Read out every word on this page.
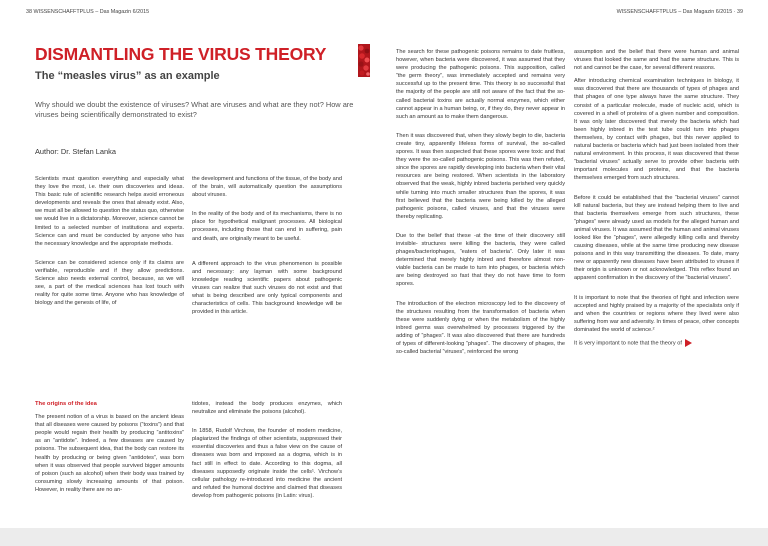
38 WISSENSCHAFFTPLUS – Das Magazin 6/2015
DISMANTLING THE VIRUS THEORY
The “measles virus” as an example

Why should we doubt the existence of viruses? What are viruses and what are they not? How are viruses being scientifically demonstrated to exist?

Author: Dr. Stefan Lanka

Scientists must question everything and especially what they love the most, i.e. their own discoveries and ideas. This basic rule of scientific research helps avoid erroneous developments and reveals the ones that already exist. Also, we must all be allowed to question the status quo, otherwise we would live in a dictatorship. Moreover, science cannot be limited to a selected number of institutions and experts. Science can and must be conducted by anyone who has the necessary knowledge and the appropriate methods.

Science can be considered science only if its claims are verifiable, reproducible and if they allow predictions. Science also needs external control, because, as we will see, a part of the medical sciences has lost touch with reality for quite some time. Anyone who has knowledge of biology and the genesis of life, of

the development and functions of the tissue, of the body and of the brain, will automatically question the assumptions about viruses.

In the reality of the body and of its mechanisms, there is no place for hypothetical malignant processes. All biological processes, including those that can end in suffering, pain and death, are originally meant to be useful.

A different approach to the virus phenomenon is possible and necessary: any layman with some background knowledge reading scientific papers about pathogenic viruses can realize that such viruses do not exist and that what is being described are only typical components and characteristics of cells. This background knowledge will be provided in this article.

The origins of the idea

The present notion of a virus is based on the ancient ideas that all diseases were caused by poisons (“toxins”) and that people would regain their health by producing “antitoxins” as an “antidote”. Indeed, a few diseases are caused by poisons. The subsequent idea, that the body can restore its health by producing or being given “antidotes”, was born when it was observed that people survived bigger amounts of poison (such as alcohol) when their body was trained by consuming slowly increasing amounts of that poison. However, in reality there are no an-

tidotes, instead the body produces enzymes, which neutralize and eliminate the poisons (alcohol).

In 1858, Rudolf Virchow, the founder of modern medicine, plagiarized the findings of other scientists, suppressed their essential discoveries and thus a false view on the cause of diseases was born and imposed as a dogma, which is in fact still in effect to date. According to this dogma, all diseases supposedly originate inside the cells¹. Virchow’s cellular pathology re-introduced into medicine the ancient and refuted the humoral doctrine and claimed that diseases develop from pathogenic poisons (in Latin: virus).

WISSENSCHAFFTPLUS – Das Magazin 6/2015 · 39

The search for these pathogenic poisons remains to date fruitless, however, when bacteria were discovered, it was assumed that they were producing the pathogenic poisons. This supposition, called “the germ theory”, was immediately accepted and remains very successful up to the present time. This theory is so successful that the majority of the people are still not aware of the fact that the so-called bacterial toxins are actually normal enzymes, which either cannot appear in a human being, or, if they do, they never appear in such an amount as to make them dangerous.

Then it was discovered that, when they slowly begin to die, bacteria create tiny, apparently lifeless forms of survival, the so-called spores. It was then suspected that these spores were toxic and that they were the so-called pathogenic poisons. This was then refuted, since the spores are rapidly developing into bacteria when their vital resources are being restored. When scientists in the laboratory observed that the weak, highly inbred bacteria perished very quickly while turning into much smaller structures than the spores, it was first believed that the bacteria were being killed by the alleged pathogenic poisons, called viruses, and that the viruses were thereby replicating.

Due to the belief that these -at the time of their discovery still invisible- structures were killing the bacteria, they were called phages/bacteriophages, “eaters of bacteria”. Only later it was determined that merely highly inbred and therefore almost non-viable bacteria can be made to turn into phages, or bacteria which are being destroyed so fast that they do not have time to form spores.

The introduction of the electron microscopy led to the discovery of the structures resulting from the transformation of bacteria when these were suddenly dying or when the metabolism of the highly inbred germs was overwhelmed by processes triggered by the adding of “phages”. It was also discovered that there are hundreds of types of different-looking “phages”. The discovery of phages, the so-called bacterial “viruses”, reinforced the wrong

assumption and the belief that there were human and animal viruses that looked the same and had the same structure. This is not and cannot be the case, for several different reasons.

After introducing chemical examination techniques in biology, it was discovered that there are thousands of types of phages and that phages of one type always have the same structure. They consist of a particular molecule, made of nucleic acid, which is covered in a shell of proteins of a given number and composition. It was only later discovered that merely the bacteria which had been highly inbred in the test tube could turn into phages themselves, by contact with phages, but this never applied to natural bacteria or bacteria which had just been isolated from their natural environment. In this process, it was discovered that these “bacterial viruses” actually serve to provide other bacteria with important molecules and proteins, and that the bacteria themselves emerged from such structures.

Before it could be established that the “bacterial viruses” cannot kill natural bacteria, but they are instead helping them to live and that bacteria themselves emerge from such structures, these “phages” were already used as models for the alleged human and animal viruses. It was assumed that the human and animal viruses looked like the “phages”, were allegedly killing cells and thereby causing diseases, while at the same time producing new disease poisons and in this way transmitting the diseases. To date, many new or apparently new diseases have been attributed to viruses if their origin is unknown or not acknowledged. This reflex found an apparent confirmation in the discovery of the “bacterial viruses”.

It is important to note that the theories of fight and infection were accepted and highly praised by a majority of the specialists only if and when the countries or regions where they lived were also suffering from war and adversity. In times of peace, other concepts dominated the world of science.²

It is very important to note that the theory of
